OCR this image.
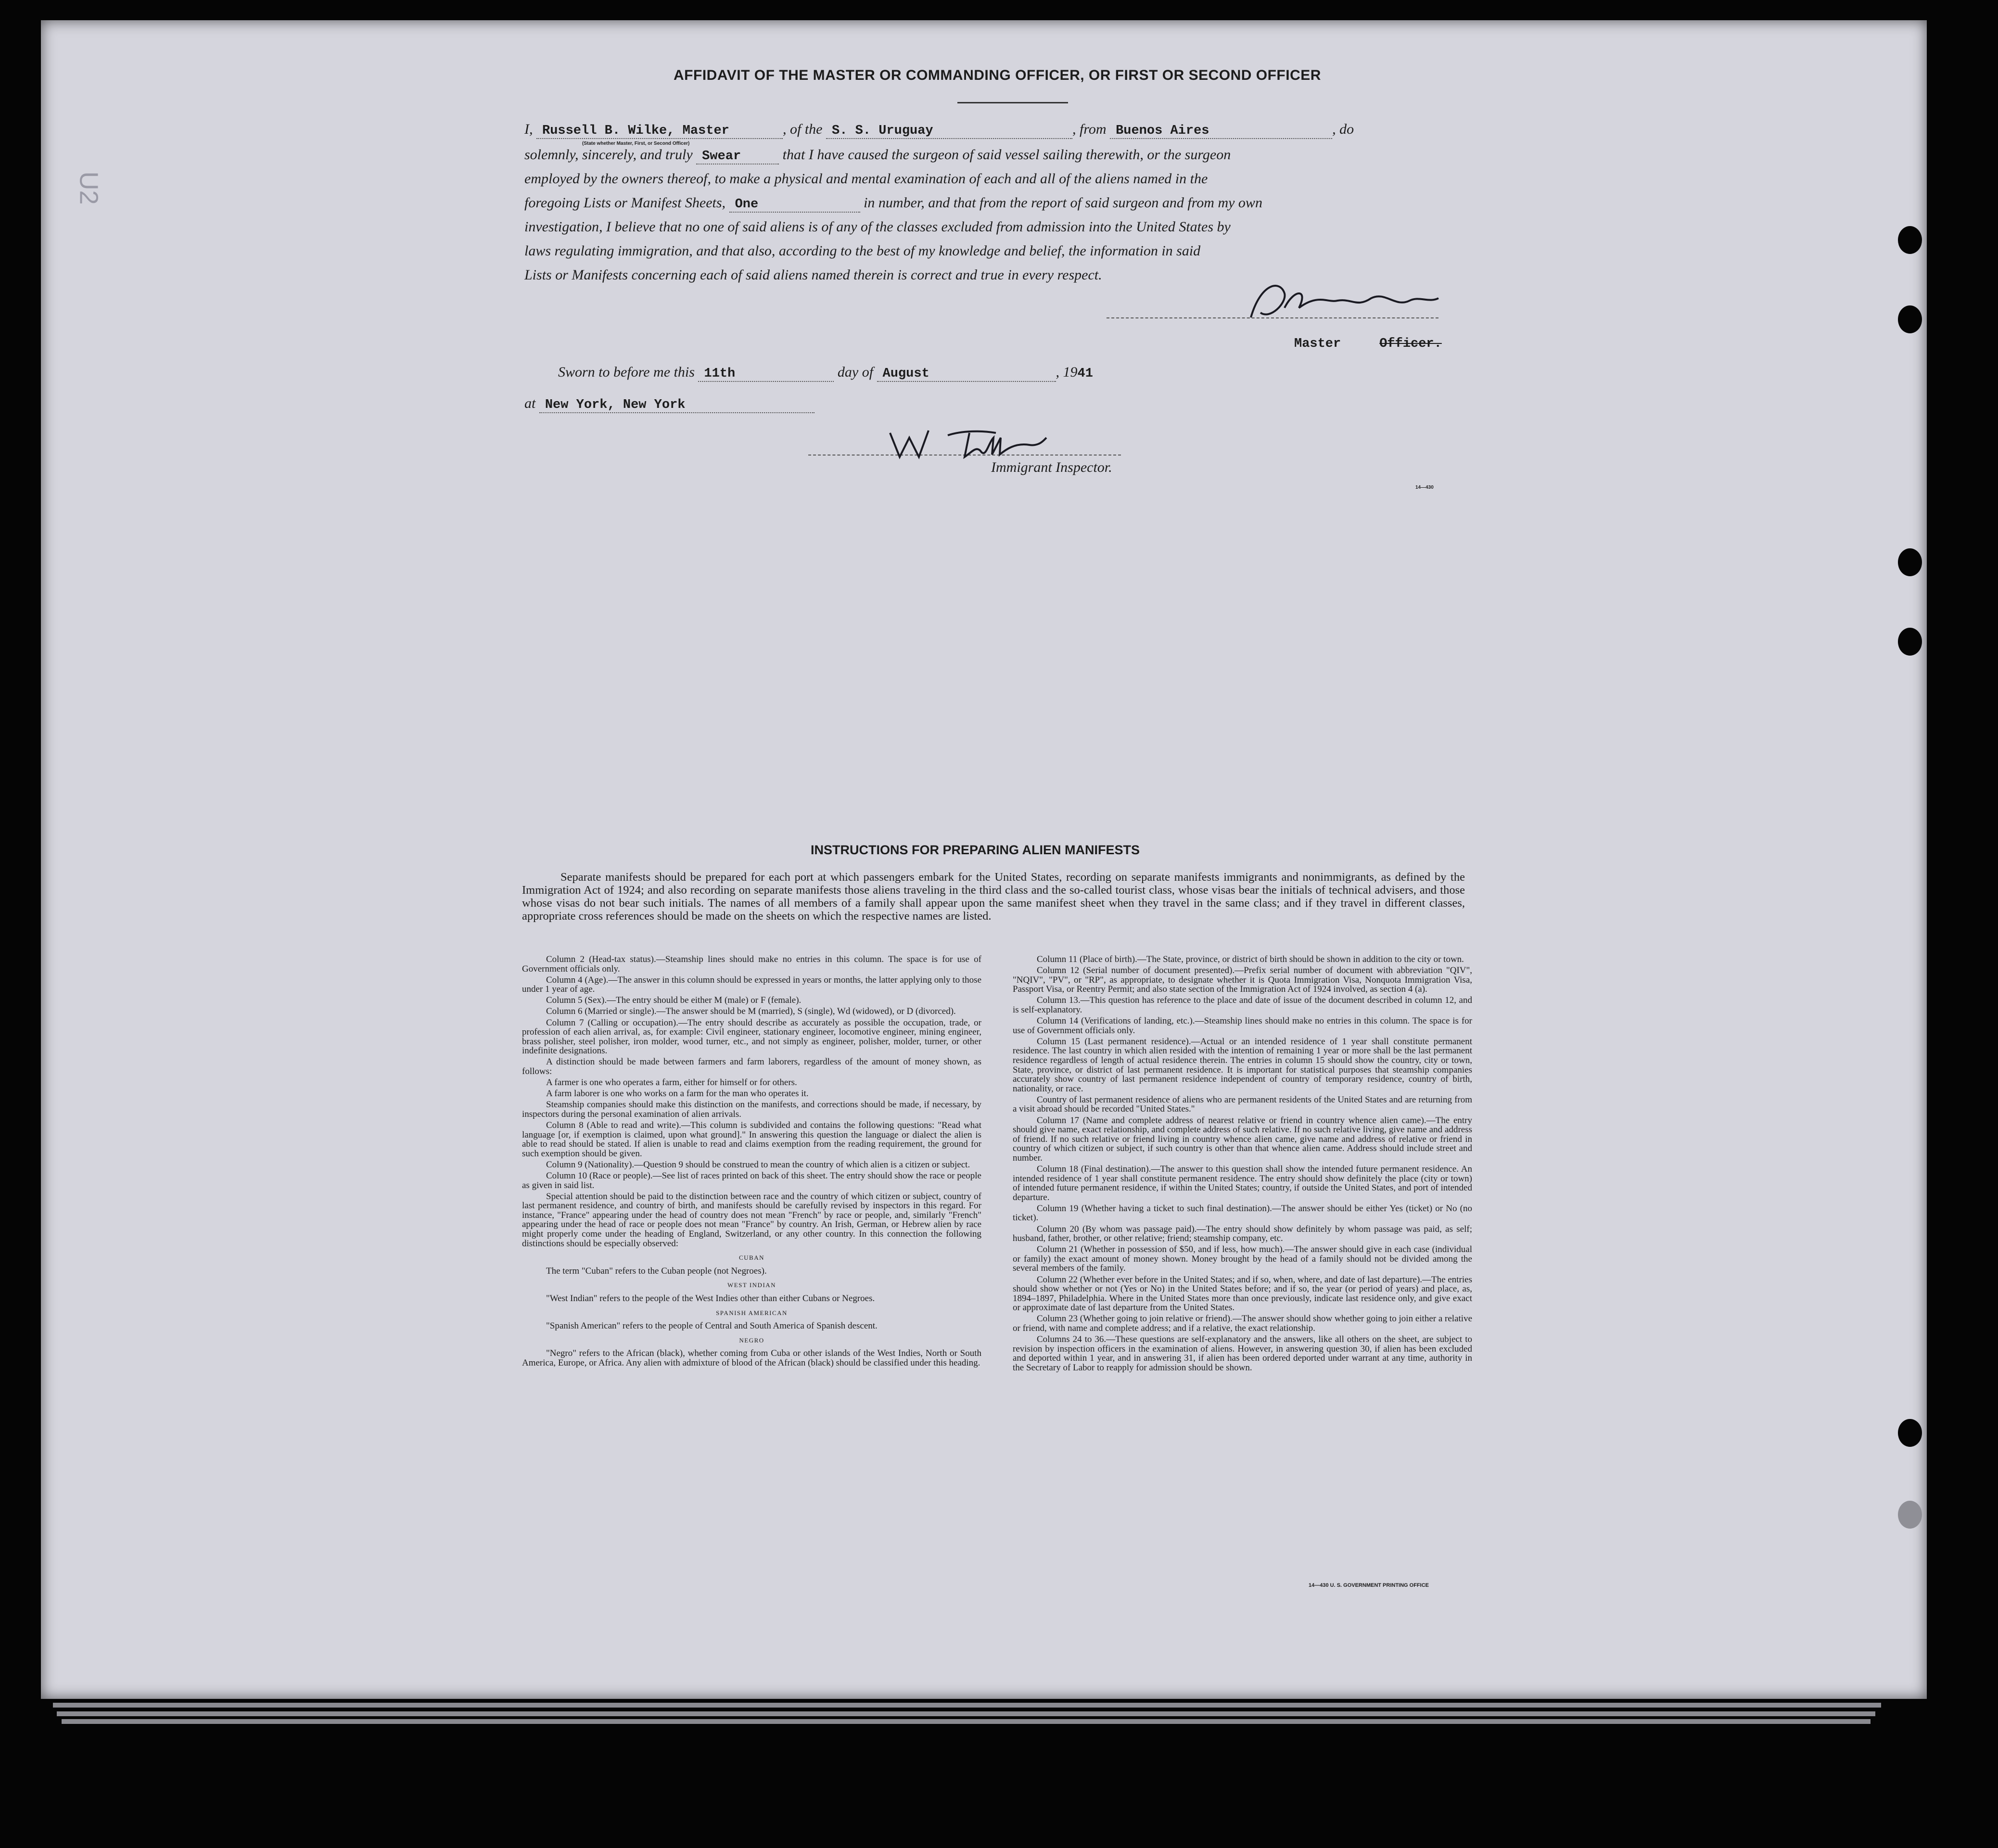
U2
AFFIDAVIT OF THE MASTER OR COMMANDING OFFICER, OR FIRST OR SECOND OFFICER
I, Russell B. Wilke, Master	, of the S. S. Uruguay	, from Buenos Aires	, do
(State whether Master, First, or Second Officer)
solemnly, sincerely, and truly Swear	that I have caused the surgeon of said vessel sailing therewith, or the surgeon
employed by the owners thereof, to make a physical and mental examination of each and all of the aliens named in the
foregoing Lists or Manifest Sheets, One	in number, and that from the report of said surgeon and from my own
investigation, I believe that no one of said aliens is of any of the classes excluded from admission into the United States by
laws regulating immigration, and that also, according to the best of my knowledge and belief, the information in said
Lists or Manifests concerning each of said aliens named therein is correct and true in every respect.
Master	Officer.
Sworn to before me this 11th	day of August	, 1941
at New York, New York
Immigrant Inspector.
14—430
INSTRUCTIONS FOR PREPARING ALIEN MANIFESTS

Separate manifests should be prepared for each port at which passengers embark for the United States, recording on separate manifests immigrants and nonimmigrants, as defined by the Immigration Act of 1924; and also recording on separate manifests those aliens traveling in the third class and the so-called tourist class, whose visas bear the initials of technical advisers, and those whose visas do not bear such initials. The names of all members of a family shall appear upon the same manifest sheet when they travel in the same class; and if they travel in different classes, appropriate cross references should be made on the sheets on which the respective names are listed.

Column 2 (Head-tax status).—Steamship lines should make no entries in this column. The space is for use of Government officials only.

Column 4 (Age).—The answer in this column should be expressed in years or months, the latter applying only to those under 1 year of age.

Column 5 (Sex).—The entry should be either M (male) or F (female).

Column 6 (Married or single).—The answer should be M (married), S (single), Wd (widowed), or D (divorced).

Column 7 (Calling or occupation).—The entry should describe as accurately as possible the occupation, trade, or profession of each alien arrival, as, for example: Civil engineer, stationary engineer, locomotive engineer, mining engineer, brass polisher, steel polisher, iron molder, wood turner, etc., and not simply as engineer, polisher, molder, turner, or other indefinite designations.

A distinction should be made between farmers and farm laborers, regardless of the amount of money shown, as follows:

A farmer is one who operates a farm, either for himself or for others.

A farm laborer is one who works on a farm for the man who operates it.

Steamship companies should make this distinction on the manifests, and corrections should be made, if necessary, by inspectors during the personal examination of alien arrivals.

Column 8 (Able to read and write).—This column is subdivided and contains the following questions: "Read what language [or, if exemption is claimed, upon what ground]." In answering this question the language or dialect the alien is able to read should be stated. If alien is unable to read and claims exemption from the reading requirement, the ground for such exemption should be given.

Column 9 (Nationality).—Question 9 should be construed to mean the country of which alien is a citizen or subject.

Column 10 (Race or people).—See list of races printed on back of this sheet. The entry should show the race or people as given in said list.

Special attention should be paid to the distinction between race and the country of which citizen or subject, country of last permanent residence, and country of birth, and manifests should be carefully revised by inspectors in this regard. For instance, "France" appearing under the head of country does not mean "French" by race or people, and, similarly "French" appearing under the head of race or people does not mean "France" by country. An Irish, German, or Hebrew alien by race might properly come under the heading of England, Switzerland, or any other country. In this connection the following distinctions should be especially observed:

CUBAN

The term "Cuban" refers to the Cuban people (not Negroes).

WEST INDIAN

"West Indian" refers to the people of the West Indies other than either Cubans or Negroes.

SPANISH AMERICAN

"Spanish American" refers to the people of Central and South America of Spanish descent.

NEGRO

"Negro" refers to the African (black), whether coming from Cuba or other islands of the West Indies, North or South America, Europe, or Africa. Any alien with admixture of blood of the African (black) should be classified under this heading.

Column 11 (Place of birth).—The State, province, or district of birth should be shown in addition to the city or town.

Column 12 (Serial number of document presented).—Prefix serial number of document with abbreviation "QIV", "NQIV", "PV", or "RP", as appropriate, to designate whether it is Quota Immigration Visa, Nonquota Immigration Visa, Passport Visa, or Reentry Permit; and also state section of the Immigration Act of 1924 involved, as section 4 (a).

Column 13.—This question has reference to the place and date of issue of the document described in column 12, and is self-explanatory.

Column 14 (Verifications of landing, etc.).—Steamship lines should make no entries in this column. The space is for use of Government officials only.

Column 15 (Last permanent residence).—Actual or an intended residence of 1 year shall constitute permanent residence. The last country in which alien resided with the intention of remaining 1 year or more shall be the last permanent residence regardless of length of actual residence therein. The entries in column 15 should show the country, city or town, State, province, or district of last permanent residence. It is important for statistical purposes that steamship companies accurately show country of last permanent residence independent of country of temporary residence, country of birth, nationality, or race.

Country of last permanent residence of aliens who are permanent residents of the United States and are returning from a visit abroad should be recorded "United States."

Column 17 (Name and complete address of nearest relative or friend in country whence alien came).—The entry should give name, exact relationship, and complete address of such relative. If no such relative living, give name and address of friend. If no such relative or friend living in country whence alien came, give name and address of relative or friend in country of which citizen or subject, if such country is other than that whence alien came. Address should include street and number.

Column 18 (Final destination).—The answer to this question shall show the intended future permanent residence. An intended residence of 1 year shall constitute permanent residence. The entry should show definitely the place (city or town) of intended future permanent residence, if within the United States; country, if outside the United States, and port of intended departure.

Column 19 (Whether having a ticket to such final destination).—The answer should be either Yes (ticket) or No (no ticket).

Column 20 (By whom was passage paid).—The entry should show definitely by whom passage was paid, as self; husband, father, brother, or other relative; friend; steamship company, etc.

Column 21 (Whether in possession of $50, and if less, how much).—The answer should give in each case (individual or family) the exact amount of money shown. Money brought by the head of a family should not be divided among the several members of the family.

Column 22 (Whether ever before in the United States; and if so, when, where, and date of last departure).—The entries should show whether or not (Yes or No) in the United States before; and if so, the year (or period of years) and place, as, 1894–1897, Philadelphia. Where in the United States more than once previously, indicate last residence only, and give exact or approximate date of last departure from the United States.

Column 23 (Whether going to join relative or friend).—The answer should show whether going to join either a relative or friend, with name and complete address; and if a relative, the exact relationship.

Columns 24 to 36.—These questions are self-explanatory and the answers, like all others on the sheet, are subject to revision by inspection officers in the examination of aliens. However, in answering question 30, if alien has been excluded and deported within 1 year, and in answering 31, if alien has been ordered deported under warrant at any time, authority in the Secretary of Labor to reapply for admission should be shown.

14—430 U. S. GOVERNMENT PRINTING OFFICE
